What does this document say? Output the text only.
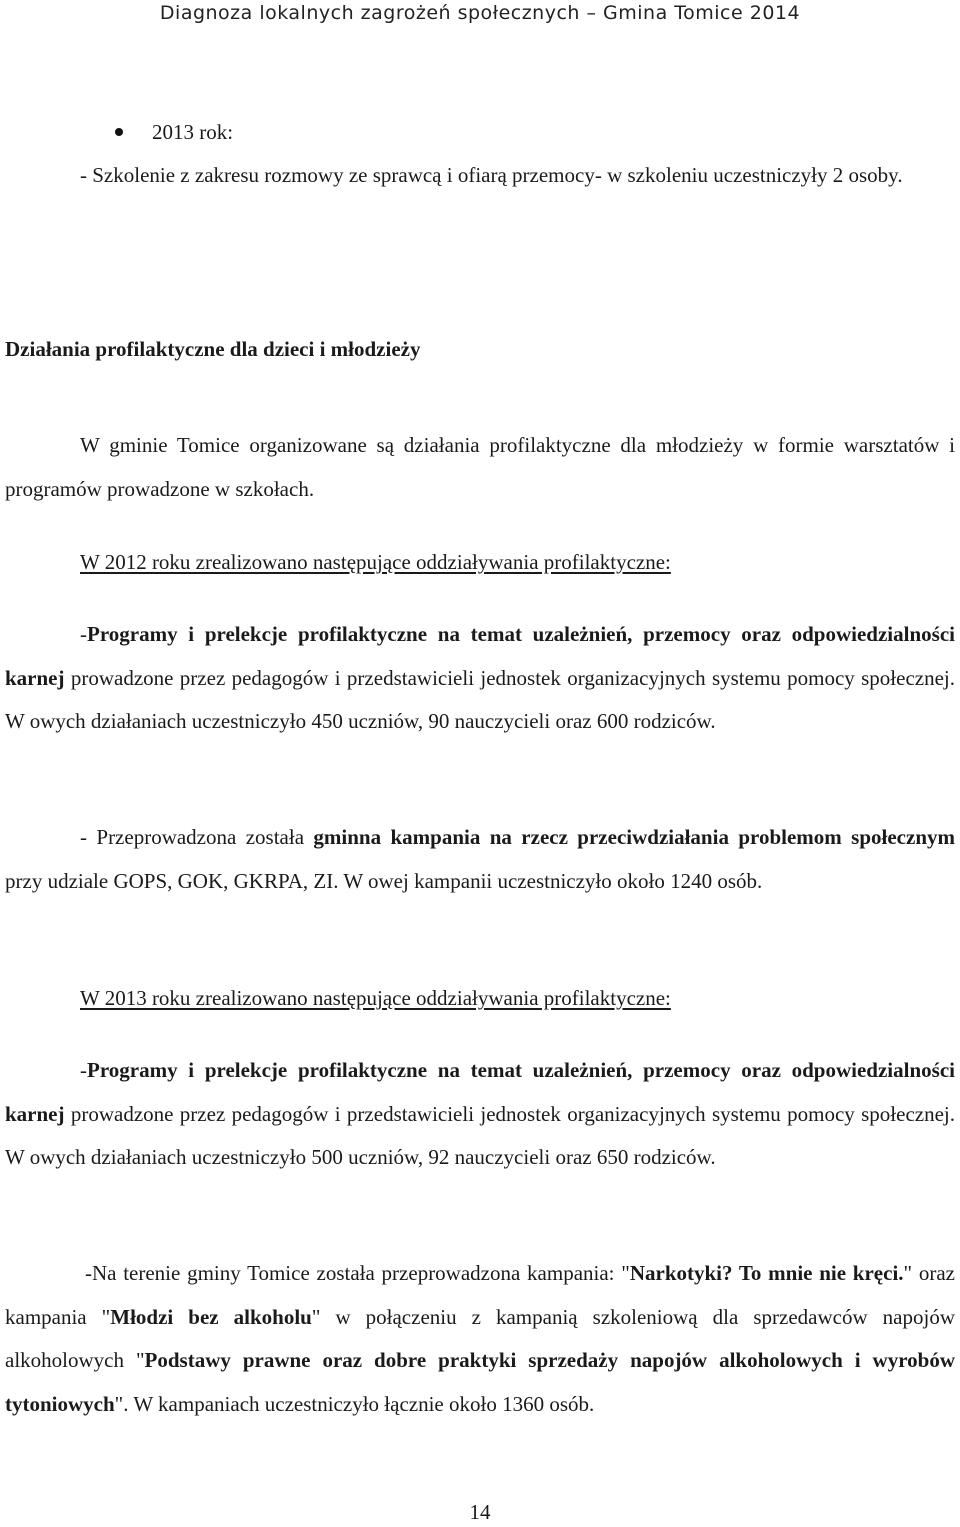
Diagnoza lokalnych zagrożeń społecznych – Gmina Tomice 2014
2013 rok:

- Szkolenie z zakresu rozmowy ze sprawcą i ofiarą przemocy- w szkoleniu uczestniczyły 2 osoby.

Działania profilaktyczne dla dzieci i młodzieży

W gminie Tomice organizowane są działania profilaktyczne dla młodzieży w formie warsztatów i programów prowadzone w szkołach.

W 2012 roku zrealizowano następujące oddziaływania profilaktyczne:

-Programy i prelekcje profilaktyczne na temat uzależnień, przemocy oraz odpowiedzialności karnej prowadzone przez pedagogów i przedstawicieli jednostek organizacyjnych systemu pomocy społecznej. W owych działaniach uczestniczyło 450 uczniów, 90 nauczycieli oraz 600 rodziców.

- Przeprowadzona została gminna kampania na rzecz przeciwdziałania problemom społecznym przy udziale GOPS, GOK, GKRPA, ZI. W owej kampanii uczestniczyło około 1240 osób.

W 2013 roku zrealizowano następujące oddziaływania profilaktyczne:

-Programy i prelekcje profilaktyczne na temat uzależnień, przemocy oraz odpowiedzialności karnej prowadzone przez pedagogów i przedstawicieli jednostek organizacyjnych systemu pomocy społecznej. W owych działaniach uczestniczyło 500 uczniów, 92 nauczycieli oraz 650 rodziców.

-Na terenie gminy Tomice została przeprowadzona kampania: "Narkotyki? To mnie nie kręci." oraz kampania "Młodzi bez alkoholu" w połączeniu z kampanią szkoleniową dla sprzedawców napojów alkoholowych "Podstawy prawne oraz dobre praktyki sprzedaży napojów alkoholowych i wyrobów tytoniowych". W kampaniach uczestniczyło łącznie około 1360 osób.

14
